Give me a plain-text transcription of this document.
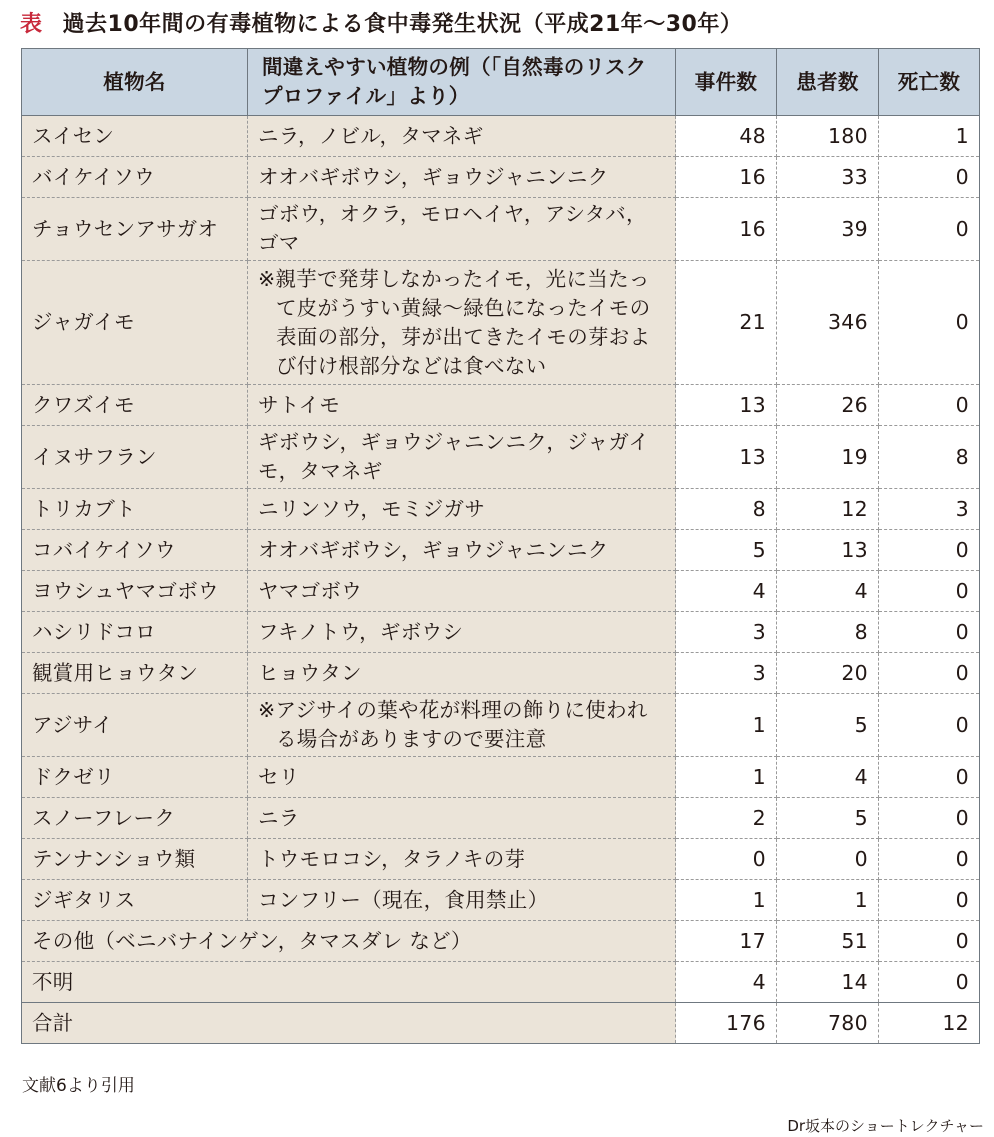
表 過去10年間の有毒植物による食中毒発生状況（平成21年～30年）
植物名	間違えやすい植物の例（「自然毒のリスクプロファイル」より）	事件数	患者数	死亡数
スイセン	ニラ，ノビル，タマネギ	48	180	1
バイケイソウ	オオバギボウシ，ギョウジャニンニク	16	33	0
チョウセンアサガオ	ゴボウ，オクラ，モロヘイヤ，アシタバ，ゴマ	16	39	0
ジャガイモ	※親芋で発芽しなかったイモ，光に当たって皮がうすい黄緑～緑色になったイモの表面の部分，芽が出てきたイモの芽および付け根部分などは食べない	21	346	0
クワズイモ	サトイモ	13	26	0
イヌサフラン	ギボウシ，ギョウジャニンニク，ジャガイモ，タマネギ	13	19	8
トリカブト	ニリンソウ，モミジガサ	8	12	3
コバイケイソウ	オオバギボウシ，ギョウジャニンニク	5	13	0
ヨウシュヤマゴボウ	ヤマゴボウ	4	4	0
ハシリドコロ	フキノトウ，ギボウシ	3	8	0
観賞用ヒョウタン	ヒョウタン	3	20	0
アジサイ	※アジサイの葉や花が料理の飾りに使われる場合がありますので要注意	1	5	0
ドクゼリ	セリ	1	4	0
スノーフレーク	ニラ	2	5	0
テンナンショウ類	トウモロコシ，タラノキの芽	0	0	0
ジギタリス	コンフリー（現在，食用禁止）	1	1	0
その他（ベニバナインゲン，タマスダレ など）		17	51	0
不明		4	14	0
合計		176	780	12
文献6より引用
Dr坂本のショートレクチャー
